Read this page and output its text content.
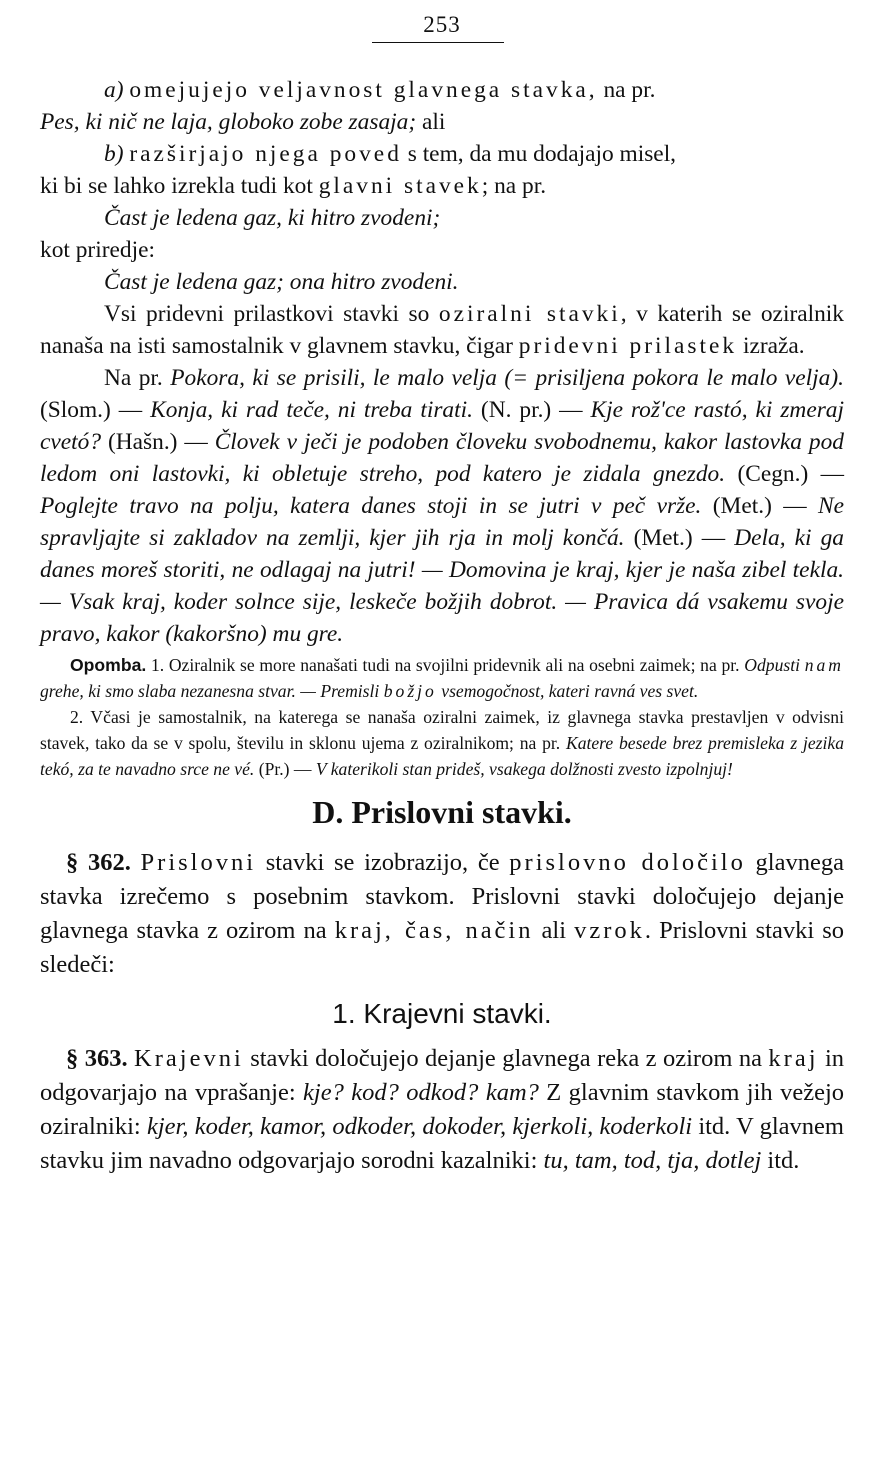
253

a) omejujejo veljavnost glavnega stavka, na pr.

Pes, ki nič ne laja, globoko zobe zasaja; ali

b) razširjajo njega poved s tem, da mu dodajajo misel,

ki bi se lahko izrekla tudi kot glavni stavek; na pr.

Čast je ledena gaz, ki hitro zvodeni;

kot priredje:

Čast je ledena gaz; ona hitro zvodeni.

Vsi pridevni prilastkovi stavki so oziralni stavki, v katerih se oziralnik nanaša na isti samostalnik v glavnem stavku, čigar pridevni prilastek izraža.

Na pr. Pokora, ki se prisili, le malo velja (= prisiljena pokora le malo velja). (Slom.) — Konja, ki rad teče, ni treba tirati. (N. pr.) — Kje rož'ce rastó, ki zmeraj cvetó? (Hašn.) — Človek v ječi je podoben človeku svobodnemu, kakor lastovka pod ledom oni lastovki, ki obletuje streho, pod katero je zidala gnezdo. (Cegn.) — Poglejte travo na polju, katera danes stoji in se jutri v peč vrže. (Met.) — Ne spravljajte si zakladov na zemlji, kjer jih rja in molj končá. (Met.) — Dela, ki ga danes moreš storiti, ne odlagaj na jutri! — Domovina je kraj, kjer je naša zibel tekla. — Vsak kraj, koder solnce sije, leskeče božjih dobrot. — Pravica dá vsakemu svoje pravo, kakor (kakoršno) mu gre.

Opomba. 1. Oziralnik se more nanašati tudi na svojilni pridevnik ali na osebni zaimek; na pr. Odpusti nam grehe, ki smo slaba nezanesna stvar. — Premisli božjo vsemogočnost, kateri ravná ves svet.

2. Včasi je samostalnik, na katerega se nanaša oziralni zaimek, iz glavnega stavka prestavljen v odvisni stavek, tako da se v spolu, številu in sklonu ujema z oziralnikom; na pr. Katere besede brez premisleka z jezika tekó, za te navadno srce ne vé. (Pr.) — V katerikoli stan prideš, vsakega dolžnosti zvesto izpolnjuj!

D. Prislovni stavki.

§ 362. Prislovni stavki se izobrazijo, če prislovno določilo glavnega stavka izrečemo s posebnim stavkom. Prislovni stavki določujejo dejanje glavnega stavka z ozirom na kraj, čas, način ali vzrok. Prislovni stavki so sledeči:

1. Krajevni stavki.

§ 363. Krajevni stavki določujejo dejanje glavnega reka z ozirom na kraj in odgovarjajo na vprašanje: kje? kod? odkod? kam? Z glavnim stavkom jih vežejo oziralniki: kjer, koder, kamor, odkoder, dokoder, kjerkoli, koderkoli itd. V glavnem stavku jim navadno odgovarjajo sorodni kazalniki: tu, tam, tod, tja, dotlej itd.
